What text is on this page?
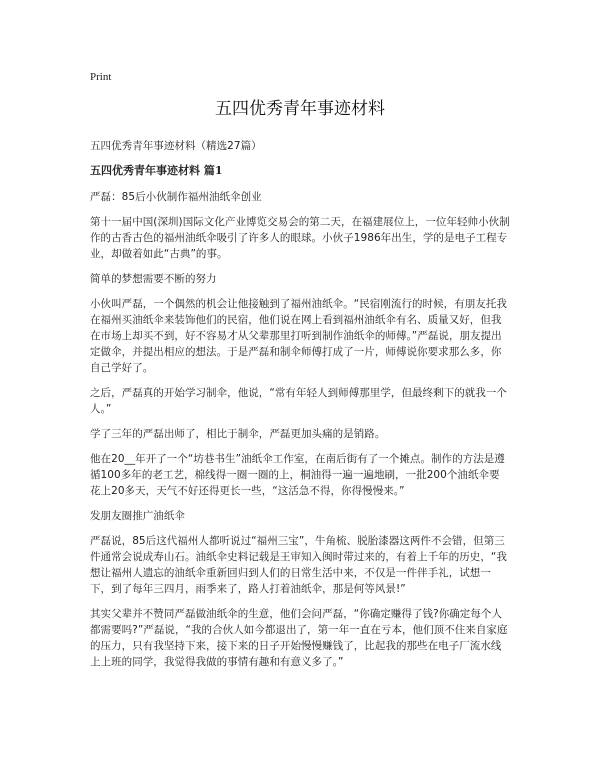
Print
五四优秀青年事迹材料

五四优秀青年事迹材料（精选27篇）

五四优秀青年事迹材料 篇1

严磊：85后小伙制作福州油纸伞创业

第十一届中国(深圳)国际文化产业博览交易会的第二天，在福建展位上，一位年轻帅小伙制作的古香古色的福州油纸伞吸引了许多人的眼球。小伙子1986年出生，学的是电子工程专业，却做着如此“古典”的事。

简单的梦想需要不断的努力

小伙叫严磊，一个偶然的机会让他接触到了福州油纸伞。“民宿刚流行的时候，有朋友托我在福州买油纸伞来装饰他们的民宿，他们说在网上看到福州油纸伞有名、质量又好，但我在市场上却买不到，好不容易才从父辈那里打听到制作油纸伞的师傅。”严磊说，朋友提出定做伞，并提出相应的想法。于是严磊和制伞师傅打成了一片，师傅说你要求那么多，你自己学好了。

之后，严磊真的开始学习制伞，他说，“常有年轻人到师傅那里学，但最终剩下的就我一个人。”

学了三年的严磊出师了，相比于制伞，严磊更加头痛的是销路。

他在20__年开了一个“坊巷书生”油纸伞工作室，在南后街有了一个摊点。制作的方法是遵循100多年的老工艺，棉线得一圈一圈的上，桐油得一遍一遍地刷，一批200个油纸伞要花上20多天，天气不好还得更长一些，“这活急不得，你得慢慢来。”

发朋友圈推广油纸伞

严磊说，85后这代福州人都听说过“福州三宝”，牛角梳、脱胎漆器这两件不会错，但第三件通常会说成寿山石。油纸伞史料记载是王审知入闽时带过来的，有着上千年的历史，“我想让福州人遗忘的油纸伞重新回归到人们的日常生活中来，不仅是一件伴手礼，试想一下，到了每年三四月，雨季来了，路人打着油纸伞，那是何等风景!”

其实父辈并不赞同严磊做油纸伞的生意，他们会问严磊，“你确定赚得了钱?你确定每个人都需要吗?”严磊说，“我的合伙人如今都退出了，第一年一直在亏本，他们顶不住来自家庭的压力，只有我坚持下来，接下来的日子开始慢慢赚钱了，比起我的那些在电子厂流水线上上班的同学，我觉得我做的事情有趣和有意义多了。”
